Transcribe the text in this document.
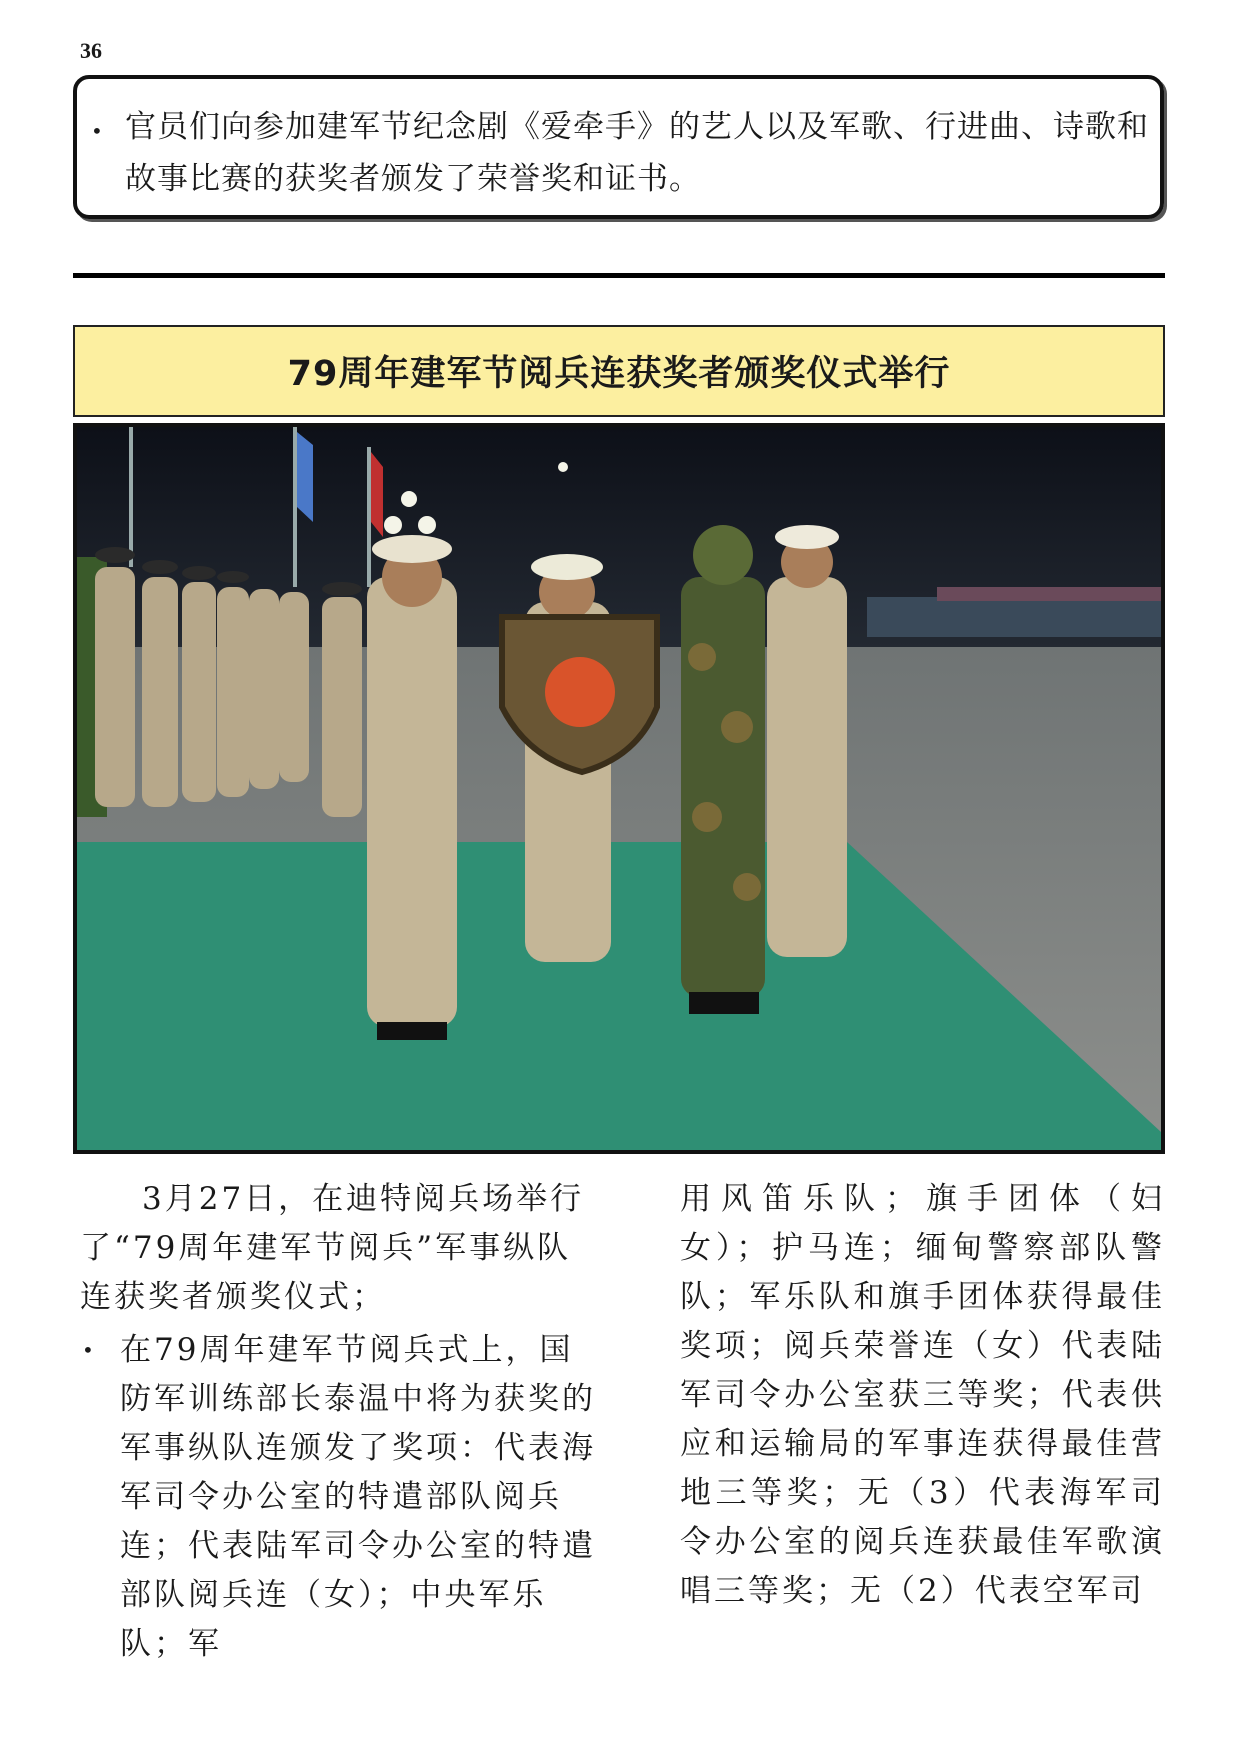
36
• 官员们向参加建军节纪念剧《爱牵手》的艺人以及军歌、行进曲、诗歌和故事比赛的获奖者颁发了荣誉奖和证书。

79周年建军节阅兵连获奖者颁奖仪式举行

3月27日，在迪特阅兵场举行了“79周年建军节阅兵”军事纵队连获奖者颁奖仪式；

• 在79周年建军节阅兵式上，国防军训练部长泰温中将为获奖的军事纵队连颁发了奖项：代表海军司令办公室的特遣部队阅兵连；代表陆军司令办公室的特遣部队阅兵连（女）；中央军乐队；军

用风笛乐队；旗手团体（妇女）；护马连；缅甸警察部队警队；军乐队和旗手团体获得最佳奖项；阅兵荣誉连（女）代表陆军司令办公室获三等奖；代表供应和运输局的军事连获得最佳营地三等奖；无（3）代表海军司令办公室的阅兵连获最佳军歌演唱三等奖；无（2）代表空军司
